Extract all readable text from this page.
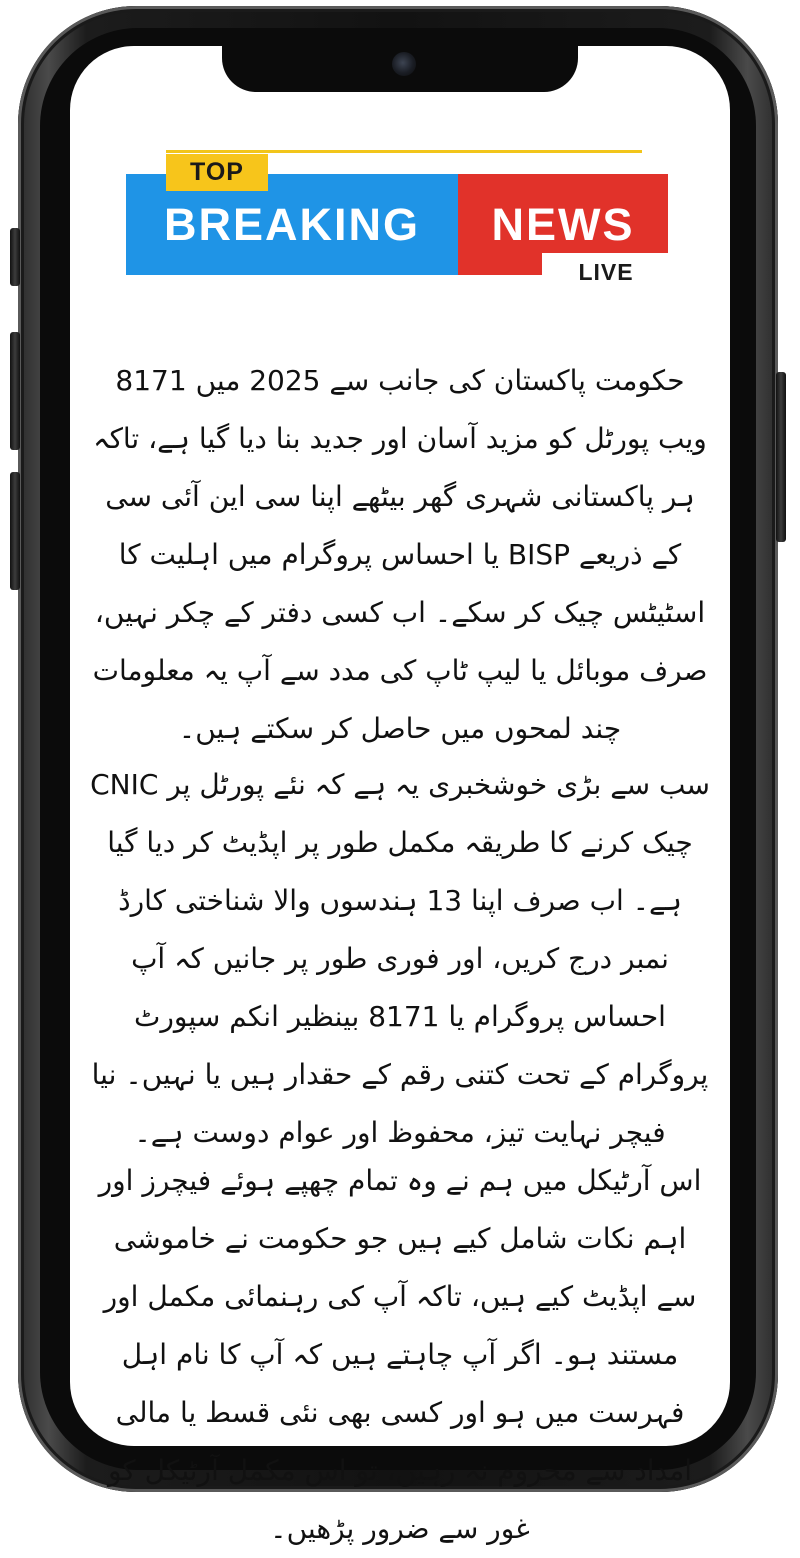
BREAKING	NEWS
TOP
LIVE

حکومت پاکستان کی جانب سے 2025 میں 8171 ویب پورٹل کو مزید آسان اور جدید بنا دیا گیا ہے، تاکہ ہر پاکستانی شہری گھر بیٹھے اپنا سی این آئی سی کے ذریعے BISP یا احساس پروگرام میں اہلیت کا اسٹیٹس چیک کر سکے۔ اب کسی دفتر کے چکر نہیں، صرف موبائل یا لیپ ٹاپ کی مدد سے آپ یہ معلومات چند لمحوں میں حاصل کر سکتے ہیں۔

سب سے بڑی خوشخبری یہ ہے کہ نئے پورٹل پر CNIC چیک کرنے کا طریقہ مکمل طور پر اپڈیٹ کر دیا گیا ہے۔ اب صرف اپنا 13 ہندسوں والا شناختی کارڈ نمبر درج کریں، اور فوری طور پر جانیں کہ آپ احساس پروگرام یا 8171 بینظیر انکم سپورٹ پروگرام کے تحت کتنی رقم کے حقدار ہیں یا نہیں۔ نیا فیچر نہایت تیز، محفوظ اور عوام دوست ہے۔

اس آرٹیکل میں ہم نے وہ تمام چھپے ہوئے فیچرز اور اہم نکات شامل کیے ہیں جو حکومت نے خاموشی سے اپڈیٹ کیے ہیں، تاکہ آپ کی رہنمائی مکمل اور مستند ہو۔ اگر آپ چاہتے ہیں کہ آپ کا نام اہل فہرست میں ہو اور کسی بھی نئی قسط یا مالی امداد سے محروم نہ رہیں، تو اس مکمل آرٹیکل کو غور سے ضرور پڑھیں۔
